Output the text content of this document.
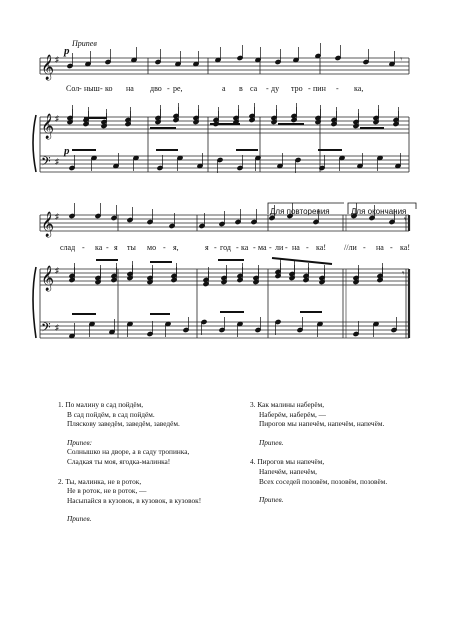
𝄞 ♯
𝄞 ♯
𝄢 ♯
𝄞 ♯
𝄞 ♯
𝄢 ♯
𝄾
𝄾
𝄾
Припев
p
p
Сол - ныш - ко на дво - ре,	а в са - ду тро - пин - ка,
слад - ка - я ты мо - я,	я - год - ка - ма - ли - на - ка! //ли - на - ка!
Для повторения	Для окончания
1. По малину в сад пойдём,
В сад пойдём, в сад пойдём.
Пляскову заведём, заведём, заведём.
Припев:
Солнышко на дворе, а в саду тропинка,
Сладкая ты моя, ягодка-малинка!
2. Ты, малинка, не в роток,
Не в роток, не в роток, —
Насыпайся в кузовок, в кузовок, в кузовок!
Припев.
3. Как малины наберём,
Наберём, наберём, —
Пирогов мы напечём, напечём, напечём.
Припев.
4. Пирогов мы напечём,
Напечём, напечём,
Всех соседей позовём, позовём, позовём.
Припев.
